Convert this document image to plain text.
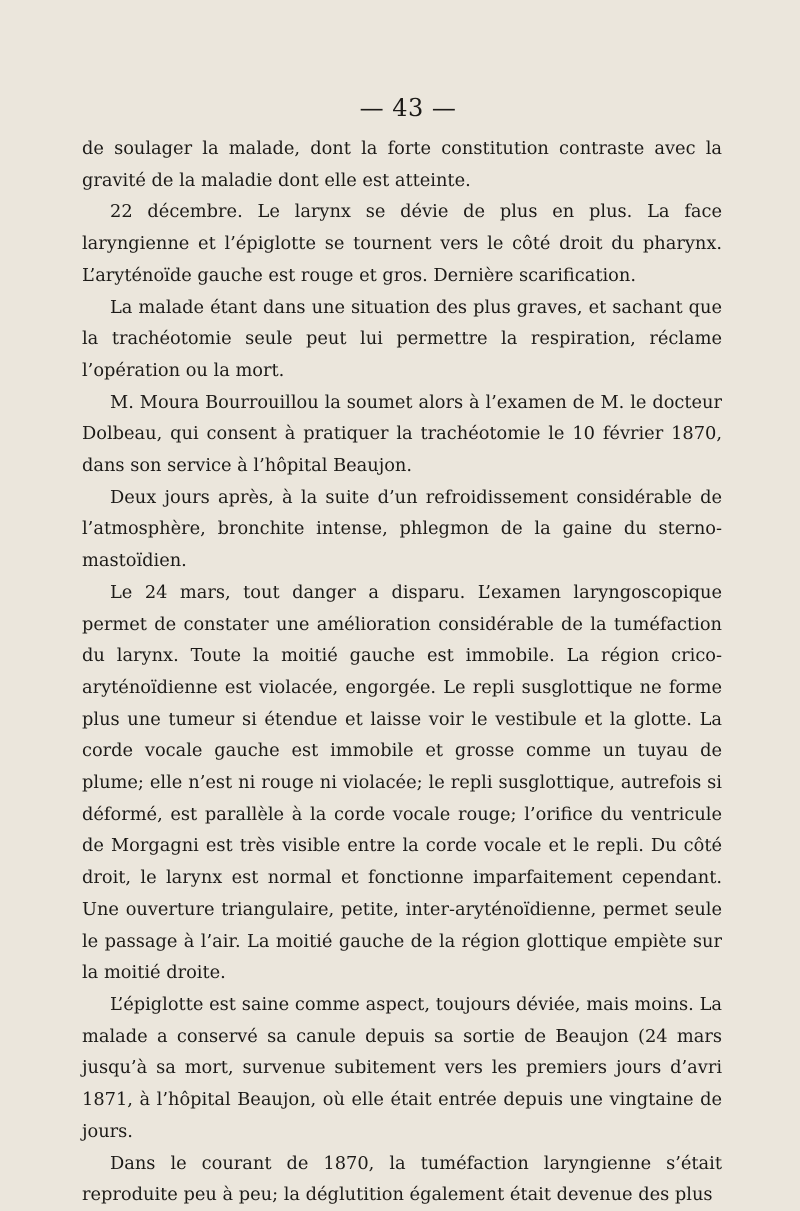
— 43 —

de soulager la malade, dont la forte constitution contraste avec la gravité de la maladie dont elle est atteinte.

22 décembre. Le larynx se dévie de plus en plus. La face laryngienne et l’épiglotte se tournent vers le côté droit du pharynx. L’aryténoïde gauche est rouge et gros. Dernière scarification.

La malade étant dans une situation des plus graves, et sachant que la trachéotomie seule peut lui permettre la respiration, réclame l’opération ou la mort.

M. Moura Bourrouillou la soumet alors à l’examen de M. le docteur Dolbeau, qui consent à pratiquer la trachéotomie le 10 février 1870, dans son service à l’hôpital Beaujon.

Deux jours après, à la suite d’un refroidissement considérable de l’atmosphère, bronchite intense, phlegmon de la gaine du sterno-mastoïdien.

Le 24 mars, tout danger a disparu. L’examen laryngoscopique permet de constater une amélioration considérable de la tuméfaction du larynx. Toute la moitié gauche est immobile. La région crico-aryténoïdienne est violacée, engorgée. Le repli susglottique ne forme plus une tumeur si étendue et laisse voir le vestibule et la glotte. La corde vocale gauche est immobile et grosse comme un tuyau de plume; elle n’est ni rouge ni violacée; le repli susglottique, autrefois si déformé, est parallèle à la corde vocale rouge; l’orifice du ventricule de Morgagni est très visible entre la corde vocale et le repli. Du côté droit, le larynx est normal et fonctionne imparfaitement cependant. Une ouverture triangulaire, petite, inter-aryténoïdienne, permet seule le passage à l’air. La moitié gauche de la région glottique empiète sur la moitié droite.

L’épiglotte est saine comme aspect, toujours déviée, mais moins. La malade a conservé sa canule depuis sa sortie de Beaujon (24 mars jusqu’à sa mort, survenue subitement vers les premiers jours d’avri 1871, à l’hôpital Beaujon, où elle était entrée depuis une vingtaine de jours.

Dans le courant de 1870, la tuméfaction laryngienne s’était reproduite peu à peu; la déglutition également était devenue des plus
